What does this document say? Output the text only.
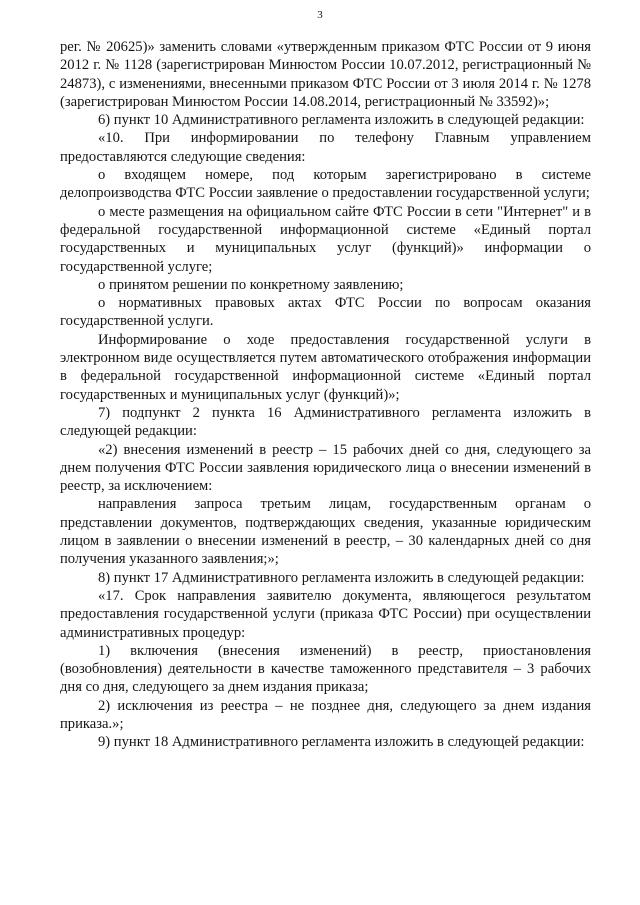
3

рег. № 20625)» заменить словами «утвержденным приказом ФТС России от 9 июня 2012 г. № 1128 (зарегистрирован Минюстом России 10.07.2012, регистрационный № 24873), с изменениями, внесенными приказом ФТС России от 3 июля 2014 г. № 1278 (зарегистрирован Минюстом России 14.08.2014, регистрационный № 33592)»;

6) пункт 10 Административного регламента изложить в следующей редакции:

«10. При информировании по телефону Главным управлением предоставляются следующие сведения:

о входящем номере, под которым зарегистрировано в системе делопроизводства ФТС России заявление о предоставлении государственной услуги;

о месте размещения на официальном сайте ФТС России в сети "Интернет" и в федеральной государственной информационной системе «Единый портал государственных и муниципальных услуг (функций)» информации о государственной услуге;

о принятом решении по конкретному заявлению;

о нормативных правовых актах ФТС России по вопросам оказания государственной услуги.

Информирование о ходе предоставления государственной услуги в электронном виде осуществляется путем автоматического отображения информации в федеральной государственной информационной системе «Единый портал государственных и муниципальных услуг (функций)»;

7) подпункт 2 пункта 16 Административного регламента изложить в следующей редакции:

«2) внесения изменений в реестр – 15 рабочих дней со дня, следующего за днем получения ФТС России заявления юридического лица о внесении изменений в реестр, за исключением:

направления запроса третьим лицам, государственным органам о представлении документов, подтверждающих сведения, указанные юридическим лицом в заявлении о внесении изменений в реестр, – 30 календарных дней со дня получения указанного заявления;»;

8) пункт 17 Административного регламента изложить в следующей редакции:

«17. Срок направления заявителю документа, являющегося результатом предоставления государственной услуги (приказа ФТС России) при осуществлении административных процедур:

1) включения (внесения изменений) в реестр, приостановления (возобновления) деятельности в качестве таможенного представителя – 3 рабочих дня со дня, следующего за днем издания приказа;

2) исключения из реестра – не позднее дня, следующего за днем издания приказа.»;

9) пункт 18 Административного регламента изложить в следующей редакции:
